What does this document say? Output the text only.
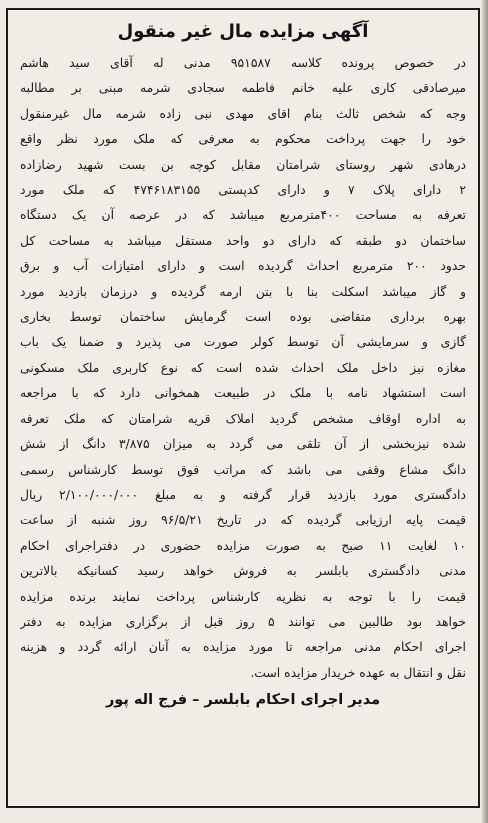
آگهی مزایده مال غیر منقول
در خصوص پرونده کلاسه ۹۵۱۵۸۷ مدنی له آقای سید هاشم
میرصادقی کاری علیه خانم فاطمه سجادی شرمه مبنی بر مطالبه
وجه که شخص ثالث بنام اقای مهدی نبی زاده شرمه مال غیرمنقول
خود را جهت پرداخت محکوم به معرفی که ملک مورد نظر واقع
درهادی شهر روستای شرامتان مقابل کوچه بن بست شهید رضازاده
۲ دارای پلاک ۷ و دارای کدپستی ۴۷۴۶۱۸۳۱۵۵ که ملک مورد
تعرفه به مساحت ۴۰۰مترمربع میباشد که در عرصه آن یک دستگاه
ساختمان دو طبقه که دارای دو واحد مستقل میباشد به مساحت کل
حدود ۲۰۰ مترمربع احداث گردیده است و دارای امتیازات آب و برق
و گاز میباشد اسکلت بنا با بتن ارمه گردیده و درزمان بازدید مورد
بهره برداری متقاضی بوده است گرمایش ساختمان توسط بخاری
گازی و سرمایشی آن توسط کولر صورت می پذیرد و ضمنا یک باب
مغازه نیز داخل ملک احداث شده است که نوع کاربری ملک مسکونی
است استشهاد نامه با ملک در طبیعت همخوانی دارد که با مراجعه
به اداره اوقاف مشخص گردید املاک قریه شرامتان که ملک تعرفه
شده نیزبخشی از آن تلقی می گردد به میزان ۳/۸۷۵ دانگ از شش
دانگ مشاع وقفی می باشد که مراتب فوق توسط کارشناس رسمی
دادگستری مورد بازدید قرار گرفته و به مبلغ ۲/۱۰۰/۰۰۰/۰۰۰ ریال
قیمت پایه ارزیابی گردیده که در تاریخ ۹۶/۵/۲۱ روز شنبه از ساعت
۱۰ لغایت ۱۱ صبح به صورت مزایده حضوری در دفتراجرای احکام
مدنی دادگستری بابلسر به فروش خواهد رسید کسانیکه بالاترین
قیمت را با توجه به نظریه کارشناس پرداخت نمایند برنده مزایده
خواهد بود طالبین می توانند ۵ روز قبل از برگزاری مزایده به دفتر
اجرای احکام مدنی مراجعه تا مورد مزایده به آنان ارائه گردد و هزینه
نقل و انتقال به عهده خریدار مزایده است.
مدیر اجرای احکام بابلسر – فرج اله پور
